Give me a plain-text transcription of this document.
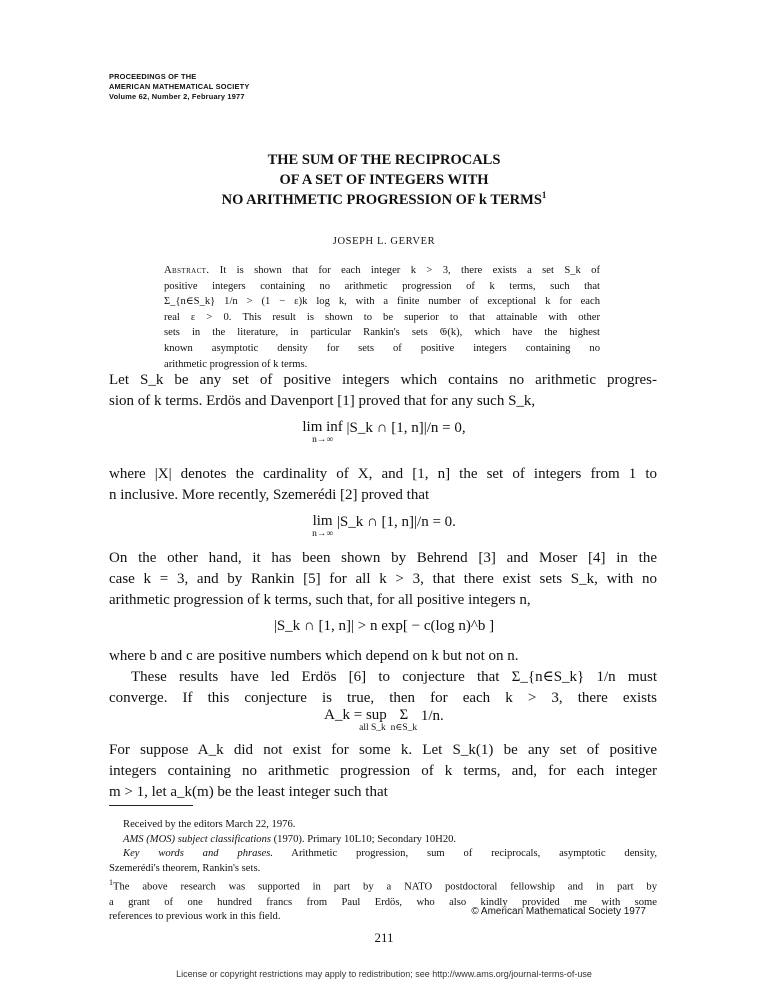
PROCEEDINGS OF THE
AMERICAN MATHEMATICAL SOCIETY
Volume 62, Number 2, February 1977
THE SUM OF THE RECIPROCALS
OF A SET OF INTEGERS WITH
NO ARITHMETIC PROGRESSION OF k TERMS$^1$
JOSEPH L. GERVER
Abstract. It is shown that for each integer k > 3, there exists a set S_k of
positive integers containing no arithmetic progression of k terms, such that
Σ_{n∈S_k} 1/n > (1 − ε)k log k, with a finite number of exceptional k for each
real ε > 0. This result is shown to be superior to that attainable with other
sets in the literature, in particular Rankin's sets 𝔊(k), which have the highest
known asymptotic density for sets of positive integers containing no
arithmetic progression of k terms.
Let S_k be any set of positive integers which contains no arithmetic progres-
sion of k terms. Erdös and Davenport [1] proved that for any such S_k,
lim inf
n→∞
|S_k ∩ [1, n]|/n = 0,
where |X| denotes the cardinality of X, and [1, n] the set of integers from 1 to
n inclusive. More recently, Szemerédi [2] proved that
lim
n→∞
|S_k ∩ [1, n]|/n = 0.
On the other hand, it has been shown by Behrend [3] and Moser [4] in the
case k = 3, and by Rankin [5] for all k > 3, that there exist sets S_k, with no
arithmetic progression of k terms, such that, for all positive integers n,
|S_k ∩ [1, n]| > n exp[ − c(log n)^b ]
where b and c are positive numbers which depend on k but not on n.
These results have led Erdös [6] to conjecture that Σ_{n∈S_k} 1/n must
converge. If this conjecture is true, then for each k > 3, there exists
A_k = sup
all S_k
Σ
n∈S_k
1/n.
For suppose A_k did not exist for some k. Let S_k(1) be any set of positive
integers containing no arithmetic progression of k terms, and, for each integer
m > 1, let a_k(m) be the least integer such that
Received by the editors March 22, 1976.
AMS (MOS) subject classifications (1970). Primary 10L10; Secondary 10H20.
Key words and phrases. Arithmetic progression, sum of reciprocals, asymptotic density,
Szemerédi's theorem, Rankin's sets.
$^1$The above research was supported in part by a NATO postdoctoral fellowship and in part by
a grant of one hundred francs from Paul Erdös, who also kindly provided me with some
references to previous work in this field.	© American Mathematical Society 1977
211
License or copyright restrictions may apply to redistribution; see http://www.ams.org/journal-terms-of-use
